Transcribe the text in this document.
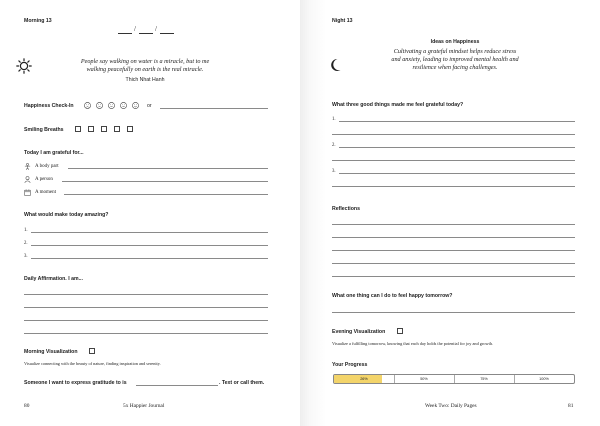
Morning 13
/	/
People say walking on water is a miracle, but to me
walking peacefully on earth is the real miracle.
Thich Nhat Hanh
Happiness Check-In	or
Smiling Breaths
Today I am grateful for...
A body part
A person
A moment
What would make today amazing?
1.
2.
3.
Daily Affirmation. I am...
Morning Visualization
Visualize connecting with the beauty of nature, finding inspiration and serenity.
Someone I want to express gratitude to is	. Text or call them.
80	5x Happier Journal
Night 13
Ideas on Happiness
Cultivating a grateful mindset helps reduce stress
and anxiety, leading to improved mental health and
resilience when facing challenges.
What three good things made me feel grateful today?
1.
2.
3.
Reflections
What one thing can I do to feel happy tomorrow?
Evening Visualization
Visualize a fulfilling tomorrow, knowing that each day holds the potential for joy and growth.
Your Progress
26%	50%	75%	100%
Week Two: Daily Pages	81
